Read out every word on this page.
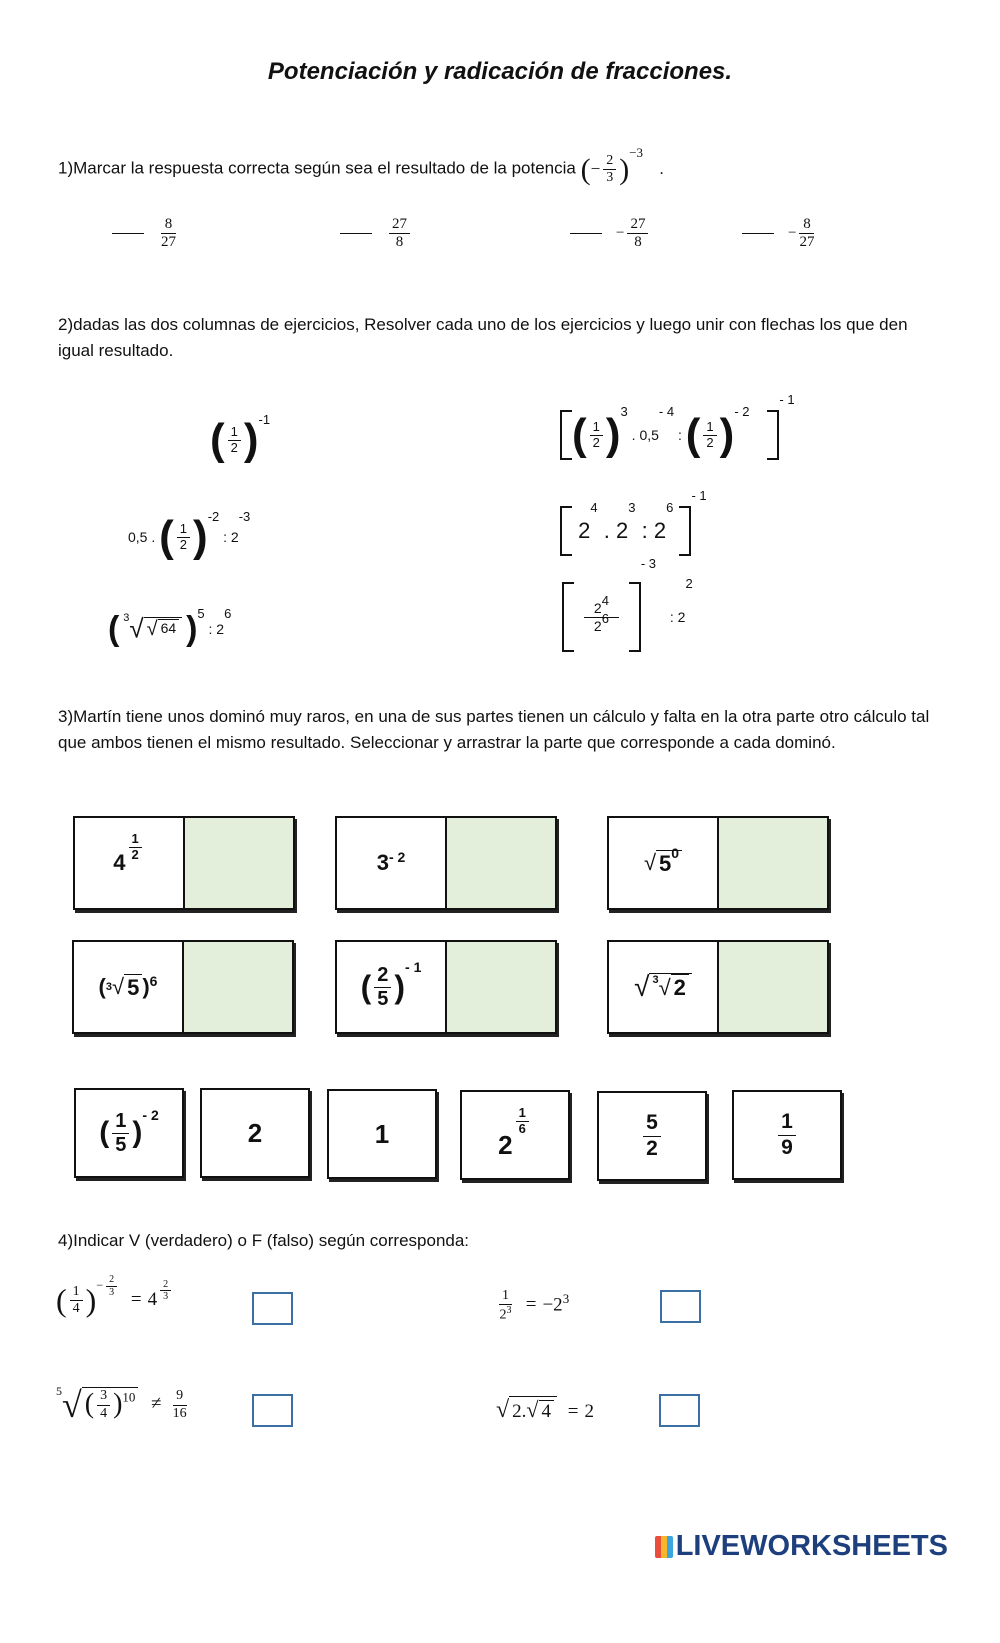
Potenciación y radicación de fracciones.
1)Marcar la respuesta correcta según sea el resultado de la potencia (− $\frac{2}{3} )^{-3}$ .
$\frac{8}{27}$	$\frac{27}{8}$	− $\frac{27}{8}$	− $\frac{8}{27}$
2)dadas las dos columnas de ejercicios, Resolver cada uno de los ejercicios y luego unir con flechas los que den igual resultado.
( $\frac{1}{2} )-1$
0,5 . ( $\frac{1}{2} )-2$ : 2-3
( $^3$√ √ 64 )5 : 26
( $\frac{1}{2} )3$ . 0,5- 4 : ( $\frac{1}{2}$ )- 2 - 1
$2^4$ . $2^3$ : $2^6$ $^{- 1}$

$\frac{24}{26}$
- 3 : 22
3)Martín tiene unos dominó muy raros, en una de sus partes tienen un cálculo y falta en la otra parte otro cálculo tal que ambos tienen el mismo resultado. Seleccionar y arrastrar la parte que corresponde a cada dominó.
4
$\frac{1}{2}$
3 - 2	√ $5^0$
( 3 √ 5 ) 6	( $\frac{2}{5}$ )
- 1
√ $^3$√ 2
( $\frac{1}{5}$ )
- 2
2	1	2
$\frac{1}{6}$	$\frac{5}{2}$	$\frac{1}{9}$
4)Indicar V (verdadero) o F (falso) según corresponda:
( $\frac{1}{4} )^{- \frac{2}{3}}$
= $4 \frac{2}{3}$	$\frac{1}{2^3} = -2^3$
$^5$√ ( $\frac{3}{4} )^{10} \ne \frac{9}{16}$	√ 2.√ 4 = 2
LIVEWORKSHEETS
